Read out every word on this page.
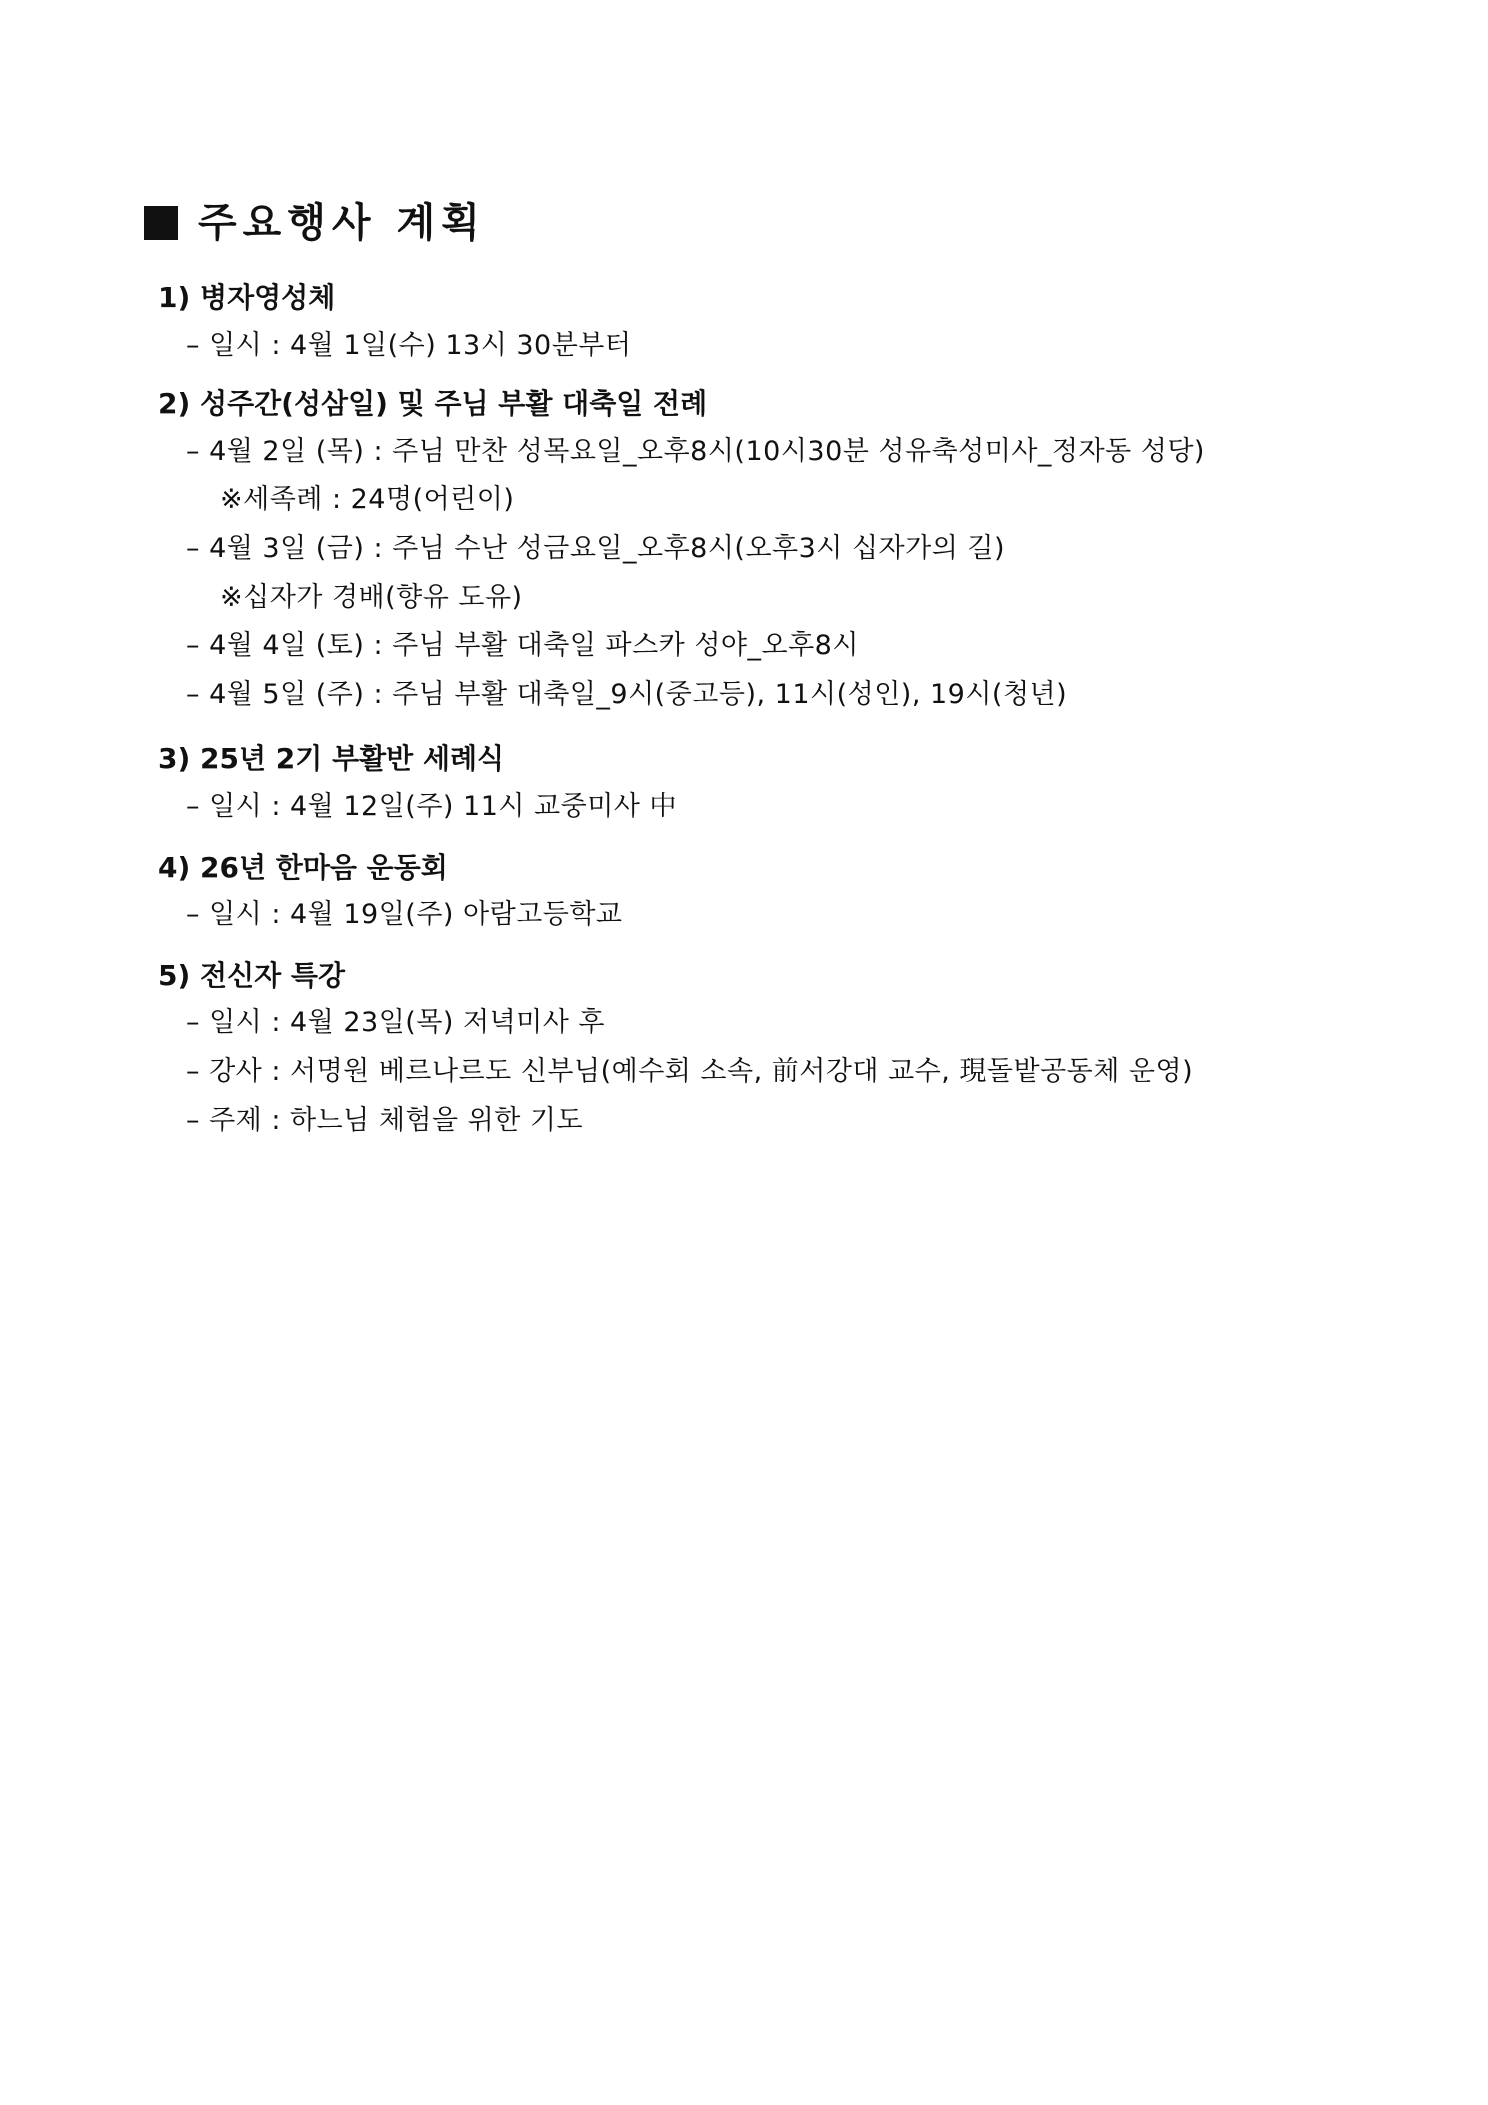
주요행사 계획
1) 병자영성체
– 일시 : 4월 1일(수) 13시 30분부터
2) 성주간(성삼일) 및 주님 부활 대축일 전례
– 4월 2일 (목) : 주님 만찬 성목요일_오후8시(10시30분 성유축성미사_정자동 성당)
※세족례 : 24명(어린이)
– 4월 3일 (금) : 주님 수난 성금요일_오후8시(오후3시 십자가의 길)
※십자가 경배(향유 도유)
– 4월 4일 (토) : 주님 부활 대축일 파스카 성야_오후8시
– 4월 5일 (주) : 주님 부활 대축일_9시(중고등), 11시(성인), 19시(청년)
3) 25년 2기 부활반 세례식
– 일시 : 4월 12일(주) 11시 교중미사 中
4) 26년 한마음 운동회
– 일시 : 4월 19일(주) 아람고등학교
5) 전신자 특강
– 일시 : 4월 23일(목) 저녁미사 후
– 강사 : 서명원 베르나르도 신부님(예수회 소속, 前서강대 교수, 現돌밭공동체 운영)
– 주제 : 하느님 체험을 위한 기도
